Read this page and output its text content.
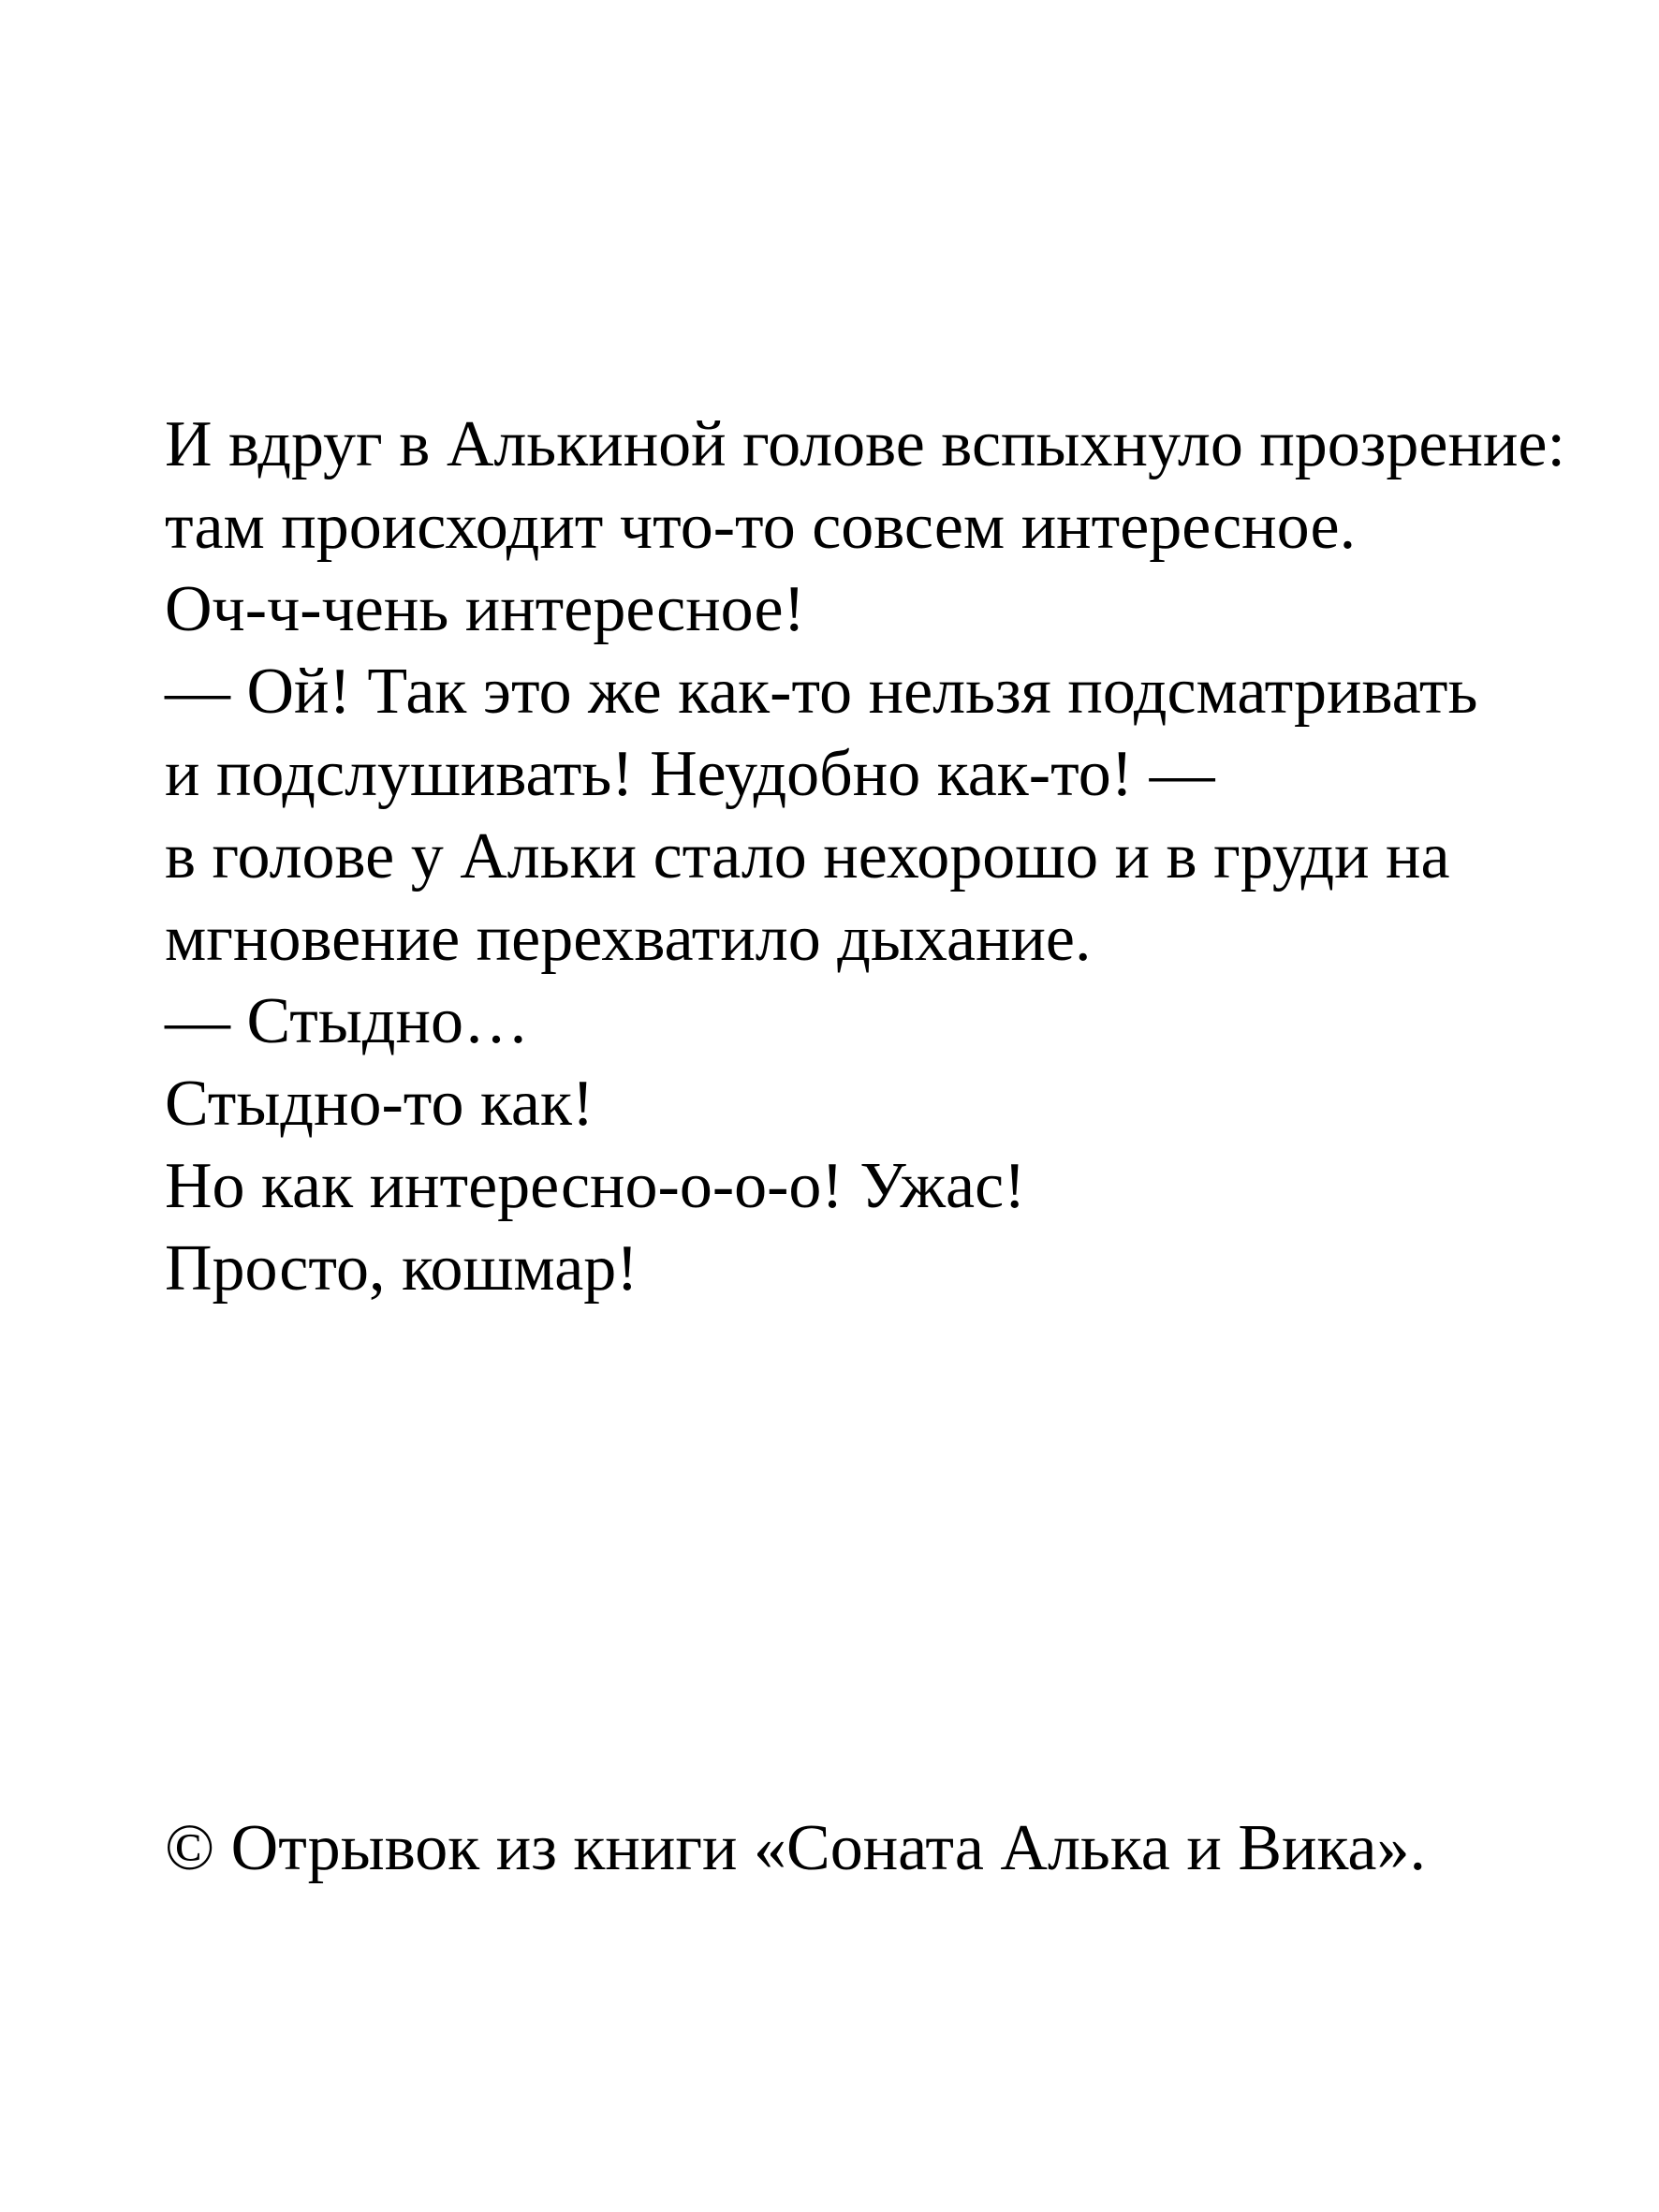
И вдруг в Алькиной голове вспыхнуло прозрение:
там происходит что-то совсем интересное.
Оч-ч-чень интересное!
— Ой! Так это же как-то нельзя подсматривать
и подслушивать! Неудобно как-то! —
в голове у Альки стало нехорошо и в груди на
мгновение перехватило дыхание.
— Стыдно…
Стыдно-то как!
Но как интересно-о-о-о! Ужас!
Просто, кошмар!
© Отрывок из книги «Соната Алька и Вика».
